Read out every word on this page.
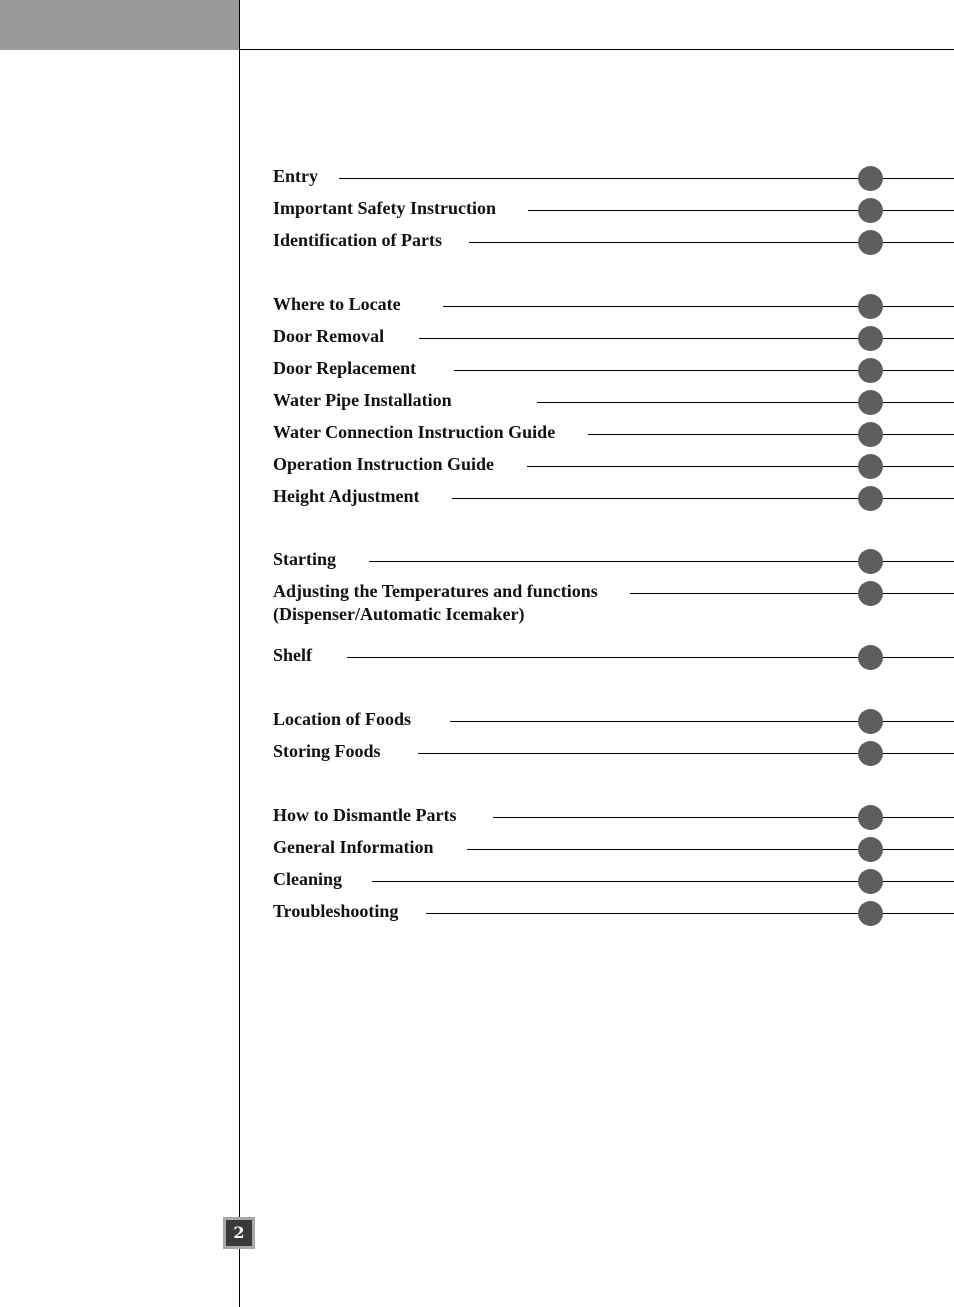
Entry
Important Safety Instruction
Identification of Parts
Where to Locate
Door Removal
Door Replacement
Water Pipe Installation
Water Connection Instruction Guide
Operation Instruction Guide
Height Adjustment
Starting
Adjusting the Temperatures and functions
(Dispenser/Automatic Icemaker)
Shelf
Location of Foods
Storing Foods
How to Dismantle Parts
General Information
Cleaning
Troubleshooting
2
